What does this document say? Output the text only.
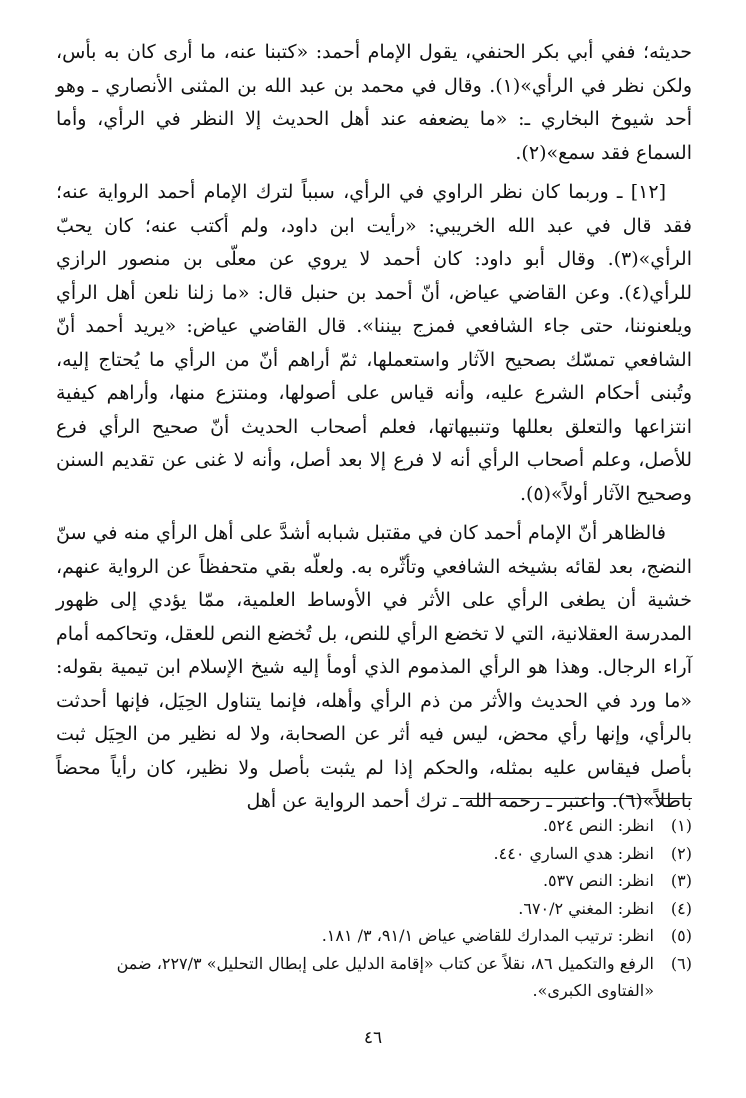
حديثه؛ ففي أبي بكر الحنفي، يقول الإمام أحمد: «كتبنا عنه، ما أرى كان به بأس، ولكن نظر في الرأي»(١). وقال في محمد بن عبد الله بن المثنى الأنصاري ـ وهو أحد شيوخ البخاري ـ: «ما يضعفه عند أهل الحديث إلا النظر في الرأي، وأما السماع فقد سمع»(٢).

[١٢] ـ وربما كان نظر الراوي في الرأي، سبباً لترك الإمام أحمد الرواية عنه؛ فقد قال في عبد الله الخريبي: «رأيت ابن داود، ولم أكتب عنه؛ كان يحبّ الرأي»(٣). وقال أبو داود: كان أحمد لا يروي عن معلّى بن منصور الرازي للرأي(٤). وعن القاضي عياض، أنّ أحمد بن حنبل قال: «ما زلنا نلعن أهل الرأي ويلعنوننا، حتى جاء الشافعي فمزج بيننا». قال القاضي عياض: «يريد أحمد أنّ الشافعي تمسّك بصحيح الآثار واستعملها، ثمّ أراهم أنّ من الرأي ما يُحتاج إليه، وتُبنى أحكام الشرع عليه، وأنه قياس على أصولها، ومنتزع منها، وأراهم كيفية انتزاعها والتعلق بعللها وتنبيهاتها، فعلم أصحاب الحديث أنّ صحيح الرأي فرع للأصل، وعلم أصحاب الرأي أنه لا فرع إلا بعد أصل، وأنه لا غنى عن تقديم السنن وصحيح الآثار أولاً»(٥).

فالظاهر أنّ الإمام أحمد كان في مقتبل شبابه أشدَّ على أهل الرأي منه في سنّ النضج، بعد لقائه بشيخه الشافعي وتأثّره به. ولعلّه بقي متحفظاً عن الرواية عنهم، خشية أن يطغى الرأي على الأثر في الأوساط العلمية، ممّا يؤدي إلى ظهور المدرسة العقلانية، التي لا تخضع الرأي للنص، بل تُخضع النص للعقل، وتحاكمه أمام آراء الرجال. وهذا هو الرأي المذموم الذي أومأ إليه شيخ الإسلام ابن تيمية بقوله: «ما ورد في الحديث والأثر من ذم الرأي وأهله، فإنما يتناول الحِيَل، فإنها أحدثت بالرأي، وإنها رأي محض، ليس فيه أثر عن الصحابة، ولا له نظير من الحِيَل ثبت بأصل فيقاس عليه بمثله، والحكم إذا لم يثبت بأصل ولا نظير، كان رأياً محضاً باطلاً»(٦). واعتبر ـ رحمه الله ـ ترك أحمد الرواية عن أهل

(١)
انظر: النص ٥٢٤.
(٢)
انظر: هدي الساري ٤٤٠.
(٣)
انظر: النص ٥٣٧.
(٤)
انظر: المغني ٦٧٠/٢.
(٥)
انظر: ترتيب المدارك للقاضي عياض ٩١/١، ٣/ ١٨١.
(٦)
الرفع والتكميل ٨٦، نقلاً عن كتاب «إقامة الدليل على إبطال التحليل» ٢٢٧/٣، ضمن «الفتاوى الكبرى».
٤٦
